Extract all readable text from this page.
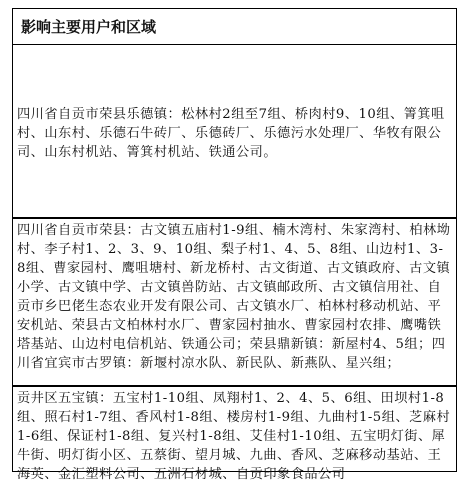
影响主要用户和区域

四川省自贡市荣县乐德镇：松林村2组至7组、桥肉村9、10组、箐箕咀村、山东村、乐德石牛砖厂、乐德砖厂、乐德污水处理厂、华牧有限公司、山东村机站、箐箕村机站、铁通公司。

四川省自贡市荣县：古文镇五庙村1-9组、楠木湾村、朱家湾村、柏林坳村、李子村1、2、3、9、10组、梨子村1、4、5、8组、山边村1、3-8组、曹家园村、鹰咀塘村、新龙桥村、古文街道、古文镇政府、古文镇小学、古文镇中学、古文镇兽防站、古文镇邮政所、古文镇信用社、自贡市乡巴佬生态农业开发有限公司、古文镇水厂、柏林村移动机站、平安机站、荣县古文柏林村水厂、曹家园村抽水、曹家园村农排、鹰嘴铁塔基站、山边村电信机站、铁通公司；荣县鼎新镇：新屋村4、5组；四川省宜宾市古罗镇：新堰村凉水队、新民队、新燕队、星兴组；

贡井区五宝镇：五宝村1-10组、凤翔村1、2、4、5、6组、田坝村1-8组、照石村1-7组、香风村1-8组、楼房村1-9组、九曲村1-5组、芝麻村1-6组、保证村1-8组、复兴村1-8组、艾佳村1-10组、五宝明灯街、犀牛街、明灯街小区、五蔡街、望月城、九曲、香风、芝麻移动基站、王海英、金汇塑料公司、五洲石材城、自贡印象食品公司
